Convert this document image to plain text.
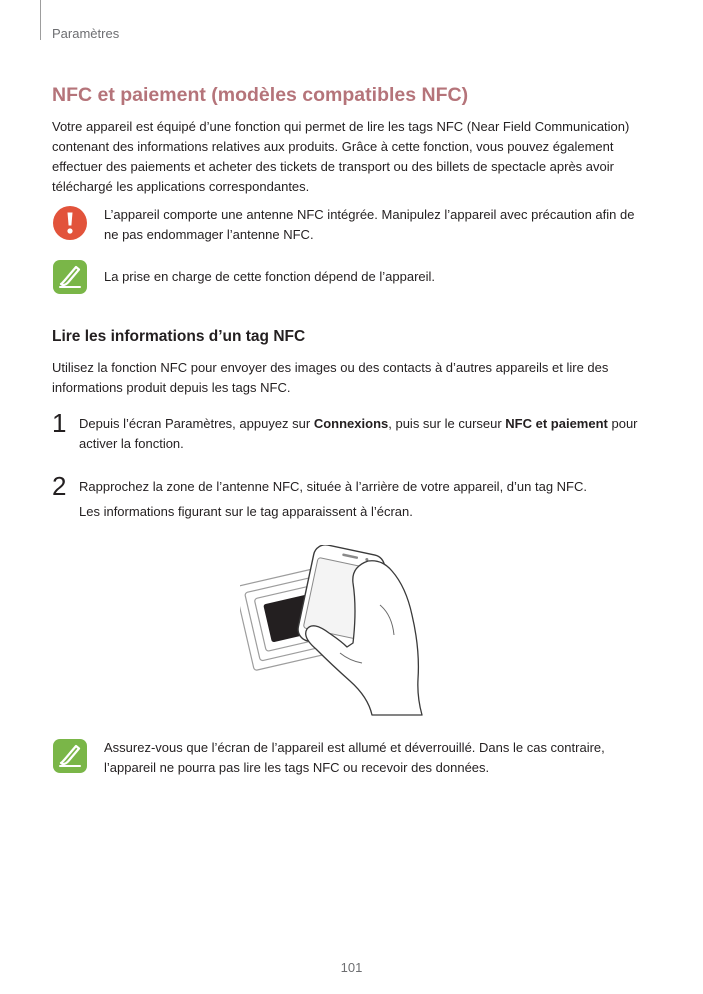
Paramètres
NFC et paiement (modèles compatibles NFC)

Votre appareil est équipé d’une fonction qui permet de lire les tags NFC (Near Field Communication) contenant des informations relatives aux produits. Grâce à cette fonction, vous pouvez également effectuer des paiements et acheter des tickets de transport ou des billets de spectacle après avoir téléchargé les applications correspondantes.

L’appareil comporte une antenne NFC intégrée. Manipulez l’appareil avec précaution afin de ne pas endommager l’antenne NFC.
La prise en charge de cette fonction dépend de l’appareil.
Lire les informations d’un tag NFC

Utilisez la fonction NFC pour envoyer des images ou des contacts à d’autres appareils et lire des informations produit depuis les tags NFC.

1 Depuis l’écran Paramètres, appuyez sur Connexions, puis sur le curseur NFC et paiement pour activer la fonction.
2 Rapprochez la zone de l’antenne NFC, située à l’arrière de votre appareil, d’un tag NFC.
Les informations figurant sur le tag apparaissent à l’écran.
Assurez-vous que l’écran de l’appareil est allumé et déverrouillé. Dans le cas contraire, l’appareil ne pourra pas lire les tags NFC ou recevoir des données.
101
